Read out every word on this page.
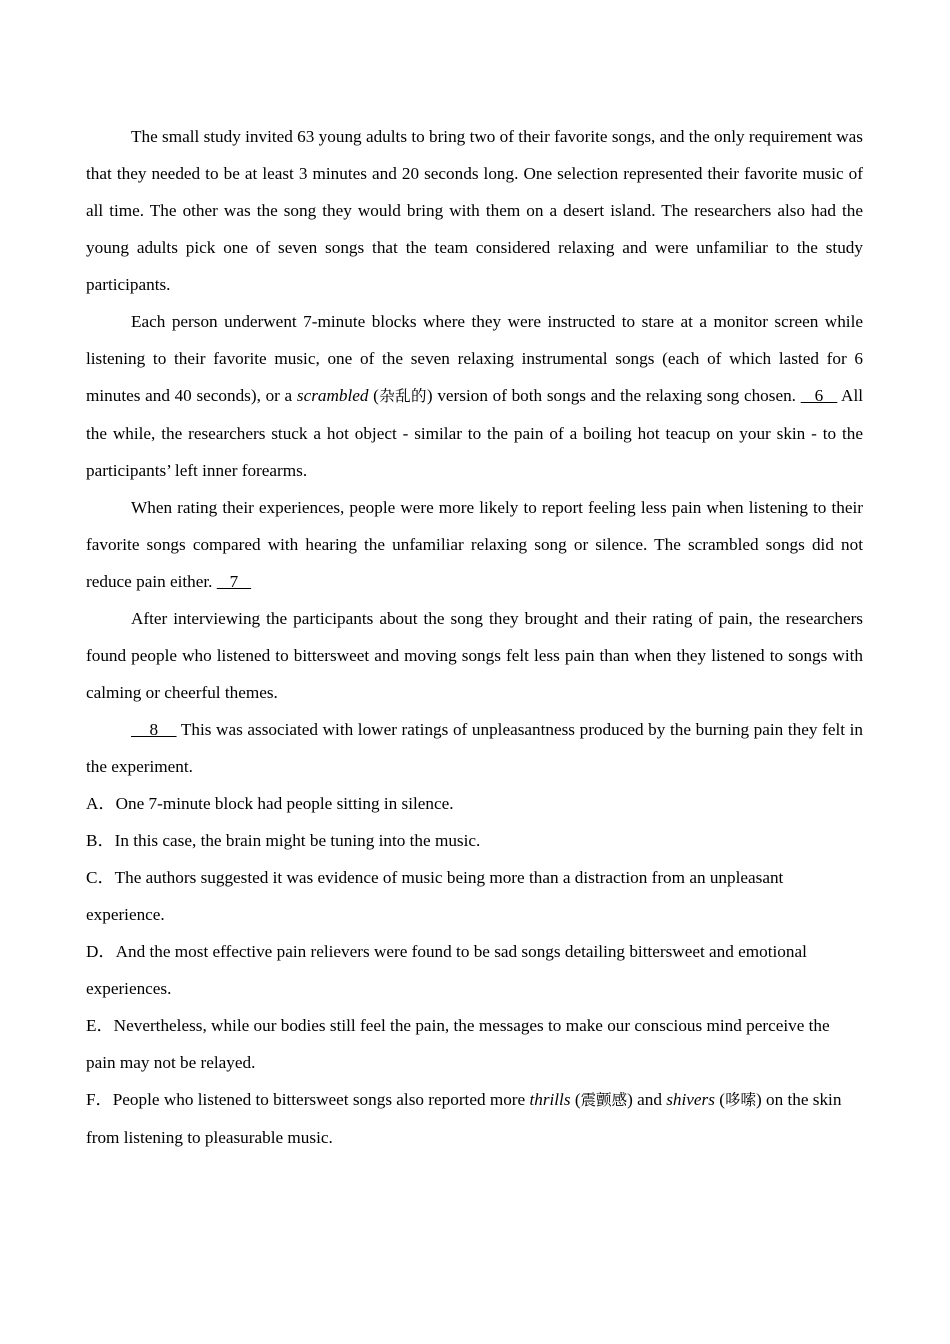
The small study invited 63 young adults to bring two of their favorite songs, and the only requirement was that they needed to be at least 3 minutes and 20 seconds long. One selection represented their favorite music of all time. The other was the song they would bring with them on a desert island. The researchers also had the young adults pick one of seven songs that the team considered relaxing and were unfamiliar to the study participants.

Each person underwent 7-minute blocks where they were instructed to stare at a monitor screen while listening to their favorite music, one of the seven relaxing instrumental songs (each of which lasted for 6 minutes and 40 seconds), or a scrambled (杂乱的) version of both songs and the relaxing song chosen.    6    All the while, the researchers stuck a hot object - similar to the pain of a boiling hot teacup on your skin - to the participants’ left inner forearms.

When rating their experiences, people were more likely to report feeling less pain when listening to their favorite songs compared with hearing the unfamiliar relaxing song or silence. The scrambled songs did not reduce pain either.    7

After interviewing the participants about the song they brought and their rating of pain, the researchers found people who listened to bittersweet and moving songs felt less pain than when they listened to songs with calming or cheerful themes.

8     This was associated with lower ratings of unpleasantness produced by the burning pain they felt in the experiment.

A．One 7-minute block had people sitting in silence.

B．In this case, the brain might be tuning into the music.

C．The authors suggested it was evidence of music being more than a distraction from an unpleasant experience.

D．And the most effective pain relievers were found to be sad songs detailing bittersweet and emotional experiences.

E．Nevertheless, while our bodies still feel the pain, the messages to make our conscious mind perceive the pain may not be relayed.

F．People who listened to bittersweet songs also reported more thrills (震颤感) and shivers (哆嗦) on the skin from listening to pleasurable music.
